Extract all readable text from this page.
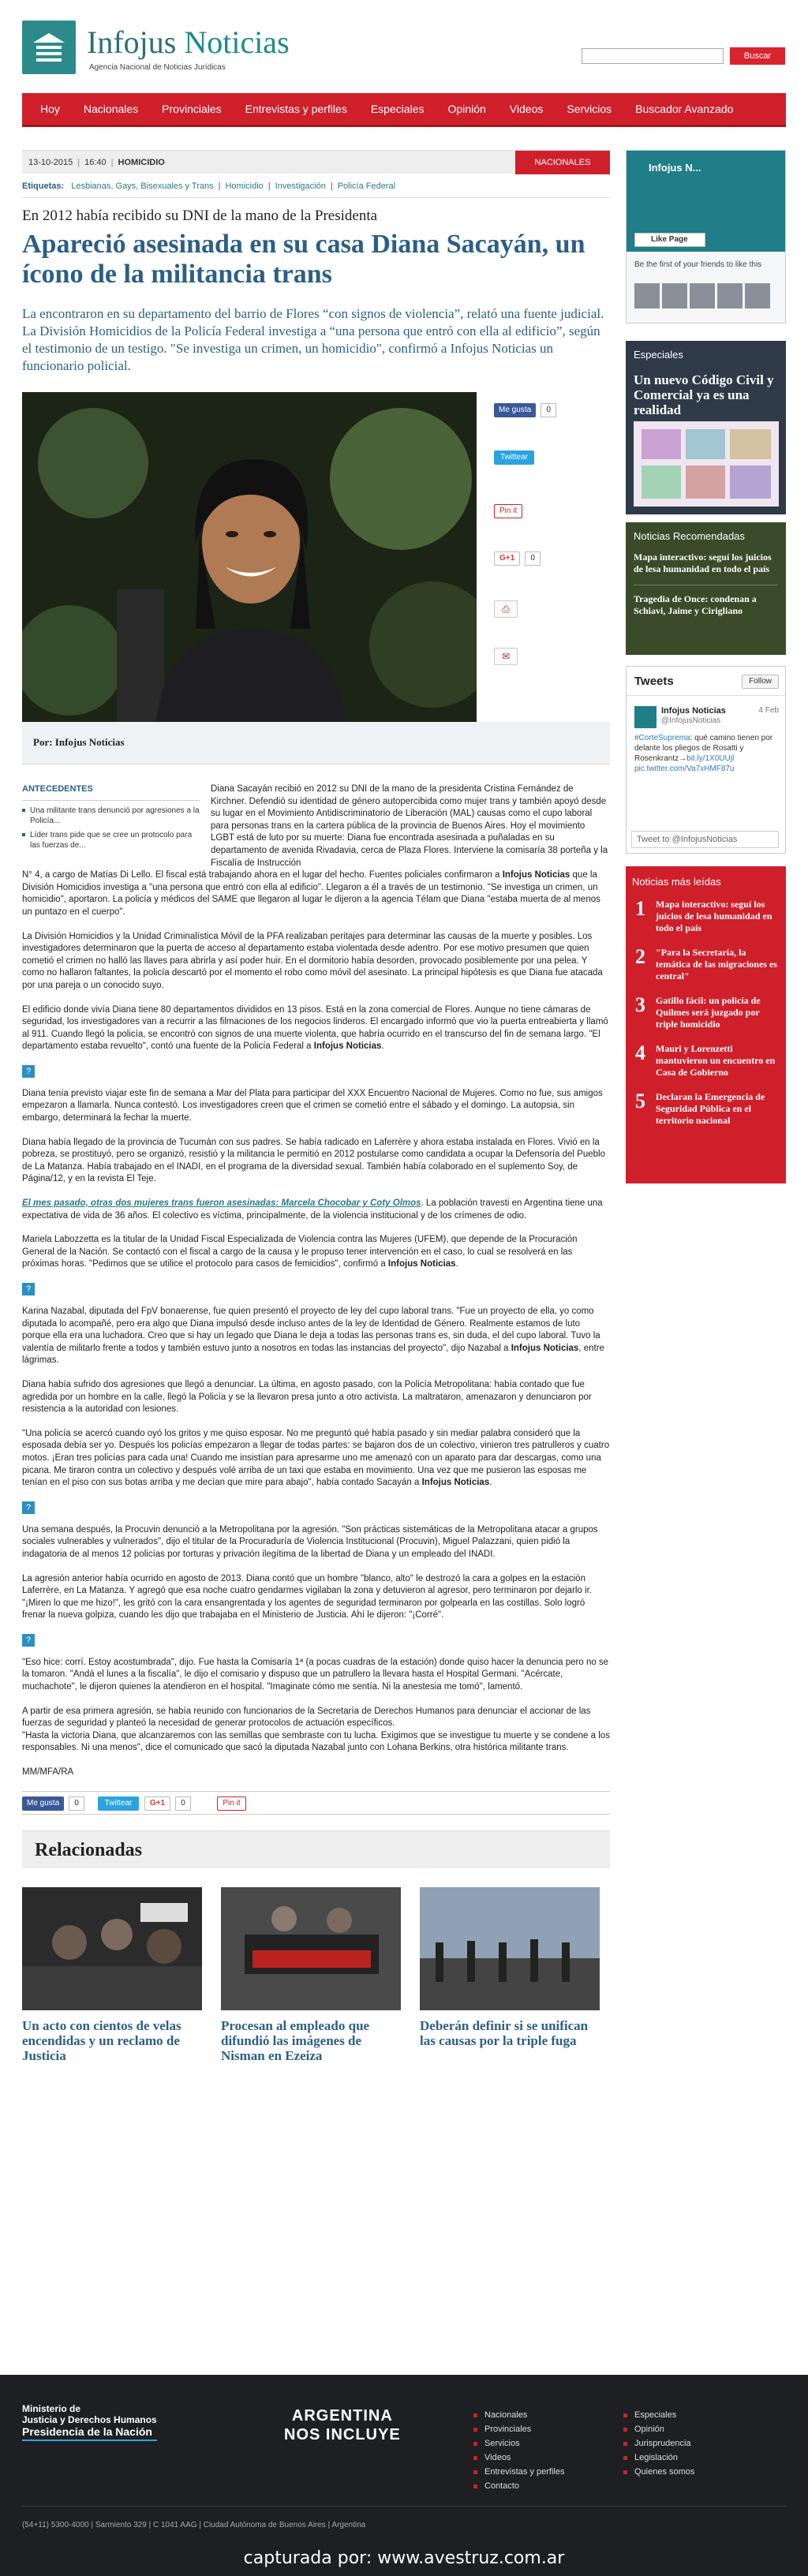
Infojus Noticias
Agencia Nacional de Noticias Jurídicas
Buscar
Hoy	Nacionales	Provinciales	Entrevistas y perfiles	Especiales	Opinión	Videos	Servicios	Buscador Avanzado
13-10-2015 | 16:40 | HOMICIDIO	NACIONALES
Etiquetas: Lesbianas, Gays, Bisexuales y Trans | Homicidio | Investigación | Policía Federal
En 2012 había recibido su DNI de la mano de la Presidenta
Apareció asesinada en su casa Diana Sacayán, un ícono de la militancia trans
La encontraron en su departamento del barrio de Flores “con signos de violencia”, relató una fuente judicial. La División Homicidios de la Policía Federal investiga a “una persona que entró con ella al edificio”, según el testimonio de un testigo. "Se investiga un crimen, un homicidio", confirmó a Infojus Noticias un funcionario policial.
Me gusta 0
Twittear
Pin it
G+1 0
⎙
✉
Por: Infojus Noticias
ANTECEDENTES
Una militante trans denunció por agresiones a la Policía...
Líder trans pide que se cree un protocolo para las fuerzas de...

Diana Sacayán recibió en 2012 su DNI de la mano de la presidenta Cristina Fernández de Kirchner. Defendió su identidad de género autopercibida como mujer trans y también apoyó desde su lugar en el Movimiento Antidiscriminatorio de Liberación (MAL) causas como el cupo laboral para personas trans en la cartera pública de la provincia de Buenos Aires. Hoy el movimiento LGBT está de luto por su muerte: Diana fue encontrada asesinada a puñaladas en su departamento de avenida Rivadavia, cerca de Plaza Flores. Interviene la comisaría 38 porteña y la Fiscalía de Instrucción

N° 4, a cargo de Matías Di Lello. El fiscal está trabajando ahora en el lugar del hecho. Fuentes policiales confirmaron a Infojus Noticias que la División Homicidios investiga a "una persona que entró con ella al edificio". Llegaron a él a través de un testimonio. "Se investiga un crimen, un homicidio", aportaron. La policía y médicos del SAME que llegaron al lugar le dijeron a la agencia Télam que Diana "estaba muerta de al menos un puntazo en el cuerpo".

La División Homicidios y la Unidad Criminalística Móvil de la PFA realizaban peritajes para determinar las causas de la muerte y posibles. Los investigadores determinaron que la puerta de acceso al departamento estaba violentada desde adentro. Por ese motivo presumen que quien cometió el crimen no halló las llaves para abrirla y así poder huir. En el dormitorio había desorden, provocado posiblemente por una pelea. Y como no hallaron faltantes, la policía descartó por el momento el robo como móvil del asesinato. La principal hipótesis es que Diana fue atacada por una pareja o un conocido suyo.

El edificio donde vivía Diana tiene 80 departamentos divididos en 13 pisos. Está en la zona comercial de Flores. Aunque no tiene cámaras de seguridad, los investigadores van a recurrir a las filmaciones de los negocios linderos. El encargado informó que vio la puerta entreabierta y llamó al 911. Cuando llegó la policía, se encontró con signos de una muerte violenta, que habría ocurrido en el transcurso del fin de semana largo. "El departamento estaba revuelto", contó una fuente de la Policía Federal a Infojus Noticias.

?

Diana tenía previsto viajar este fin de semana a Mar del Plata para participar del XXX Encuentro Nacional de Mujeres. Como no fue, sus amigos empezaron a llamarla. Nunca contestó. Los investigadores creen que el crimen se cometió entre el sábado y el domingo. La autopsia, sin embargo, determinará la fechar la muerte.

Diana había llegado de la provincia de Tucumán con sus padres. Se había radicado en Laferrère y ahora estaba instalada en Flores. Vivió en la pobreza, se prostituyó, pero se organizó, resistió y la militancia le permitió en 2012 postularse como candidata a ocupar la Defensoría del Pueblo de La Matanza. Había trabajado en el INADI, en el programa de la diversidad sexual. También había colaborado en el suplemento Soy, de Página/12, y en la revista El Teje.

El mes pasado, otras dos mujeres trans fueron asesinadas: Marcela Chocobar y Coty Olmos. La población travesti en Argentina tiene una expectativa de vida de 36 años. El colectivo es víctima, principalmente, de la violencia institucional y de los crímenes de odio.

Mariela Labozzetta es la titular de la Unidad Fiscal Especializada de Violencia contra las Mujeres (UFEM), que depende de la Procuración General de la Nación. Se contactó con el fiscal a cargo de la causa y le propuso tener intervención en el caso, lo cual se resolverá en las próximas horas. "Pedimos que se utilice el protocolo para casos de femicidios", confirmó a Infojus Noticias.

?

Karina Nazabal, diputada del FpV bonaerense, fue quien presentó el proyecto de ley del cupo laboral trans. "Fue un proyecto de ella, yo como diputada lo acompañé, pero era algo que Diana impulsó desde incluso antes de la ley de Identidad de Género. Realmente estamos de luto porque ella era una luchadora. Creo que si hay un legado que Diana le deja a todas las personas trans es, sin duda, el del cupo laboral. Tuvo la valentía de militarlo frente a todos y también estuvo junto a nosotros en todas las instancias del proyecto", dijo Nazabal a Infojus Noticias, entre lágrimas.

Diana había sufrido dos agresiones que llegó a denunciar. La última, en agosto pasado, con la Policía Metropolitana: había contado que fue agredida por un hombre en la calle, llegó la Policía y se la llevaron presa junto a otro activista. La maltrataron, amenazaron y denunciaron por resistencia a la autoridad con lesiones.

"Una policía se acercó cuando oyó los gritos y me quiso esposar. No me preguntó qué había pasado y sin mediar palabra consideró que la esposada debía ser yo. Después los policías empezaron a llegar de todas partes: se bajaron dos de un colectivo, vinieron tres patrulleros y cuatro motos. ¡Eran tres policías para cada una! Cuando me insistían para apresarme uno me amenazó con un aparato para dar descargas, como una picana. Me tiraron contra un colectivo y después volé arriba de un taxi que estaba en movimiento. Una vez que me pusieron las esposas me tenían en el piso con sus botas arriba y me decían que mire para abajo", había contado Sacayán a Infojus Noticias.

?

Una semana después, la Procuvin denunció a la Metropolitana por la agresión. "Son prácticas sistemáticas de la Metropolitana atacar a grupos sociales vulnerables y vulnerados", dijo el titular de la Procuraduría de Violencia Institucional (Procuvin), Miguel Palazzani, quien pidió la indagatoria de al menos 12 policías por torturas y privación ilegítima de la libertad de Diana y un empleado del INADI.

La agresión anterior había ocurrido en agosto de 2013. Diana contó que un hombre "blanco, alto" le destrozó la cara a golpes en la estación Laferrère, en La Matanza. Y agregó que esa noche cuatro gendarmes vigilaban la zona y detuvieron al agresor, pero terminaron por dejarlo ir. "¡Miren lo que me hizo!", les gritó con la cara ensangrentada y los agentes de seguridad terminaron por golpearla en las costillas. Solo logró frenar la nueva golpiza, cuando les dijo que trabajaba en el Ministerio de Justicia. Ahí le dijeron: "¡Corré".

?

"Eso hice: corrí. Estoy acostumbrada", dijo. Fue hasta la Comisaría 1ª (a pocas cuadras de la estación) donde quiso hacer la denuncia pero no se la tomaron. "Andá el lunes a la fiscalía", le dijo el comisario y dispuso que un patrullero la llevara hasta el Hospital Germani. "Acércate, muchachote", le dijeron quienes la atendieron en el hospital. "Imaginate cómo me sentía. Ni la anestesia me tomó", lamentó.

A partir de esa primera agresión, se había reunido con funcionarios de la Secretaría de Derechos Humanos para denunciar el accionar de las fuerzas de seguridad y planteó la necesidad de generar protocolos de actuación específicos.
"Hasta la victoria Diana, que alcanzaremos con las semillas que sembraste con tu lucha. Exigimos que se investigue tu muerte y se condene a los responsables. Ni una menos", dice el comunicado que sacó la diputada Nazabal junto con Lohana Berkins, otra histórica militante trans.

MM/MFA/RA

Me gusta 0	Twittear G+1 0	Pin it
Relacionadas
Un acto con cientos de velas encendidas y un reclamo de Justicia
Procesan al empleado que difundió las imágenes de Nisman en Ezeiza
Deberán definir si se unifican las causas por la triple fuga
Infojus N...
Like Page
Be the first of your friends to like this
Especiales
Un nuevo Código Civil y Comercial ya es una realidad
Noticias Recomendadas
Mapa interactivo: seguí los juicios de lesa humanidad en todo el país
Tragedia de Once: condenan a Schiavi, Jaime y Cirigliano
Tweets	Follow
Infojus Noticias
@InfojusNoticias
4 Feb
#CorteSuprema: qué camino tienen por delante los pliegos de Rosatti y Rosenkrantz→bit.ly/1X0UUjl pic.twitter.com/Va7xHMF87u
Tweet to @InfojusNoticias
Noticias más leídas
1 Mapa interactivo: seguí los juicios de lesa humanidad en todo el país
2 "Para la Secretaría, la temática de las migraciones es central"
3 Gatillo fácil: un policía de Quilmes será juzgado por triple homicidio
4 Mauri y Lorenzetti mantuvieron un encuentro en Casa de Gobierno
5 Declaran la Emergencia de Seguridad Pública en el territorio nacional
Ministerio de
Justicia y Derechos Humanos
Presidencia de la Nación
ARGENTINA
NOS INCLUYE
Nacionales
Provinciales
Servicios
Videos
Entrevistas y perfiles
Contacto
Especiales
Opinión
Jurisprudencia
Legislación
Quienes somos
(54+11) 5300-4000 | Sarmiento 329 | C 1041 AAG | Ciudad Autónoma de Buenos Aires | Argentina
capturada por: www.avestruz.com.ar
